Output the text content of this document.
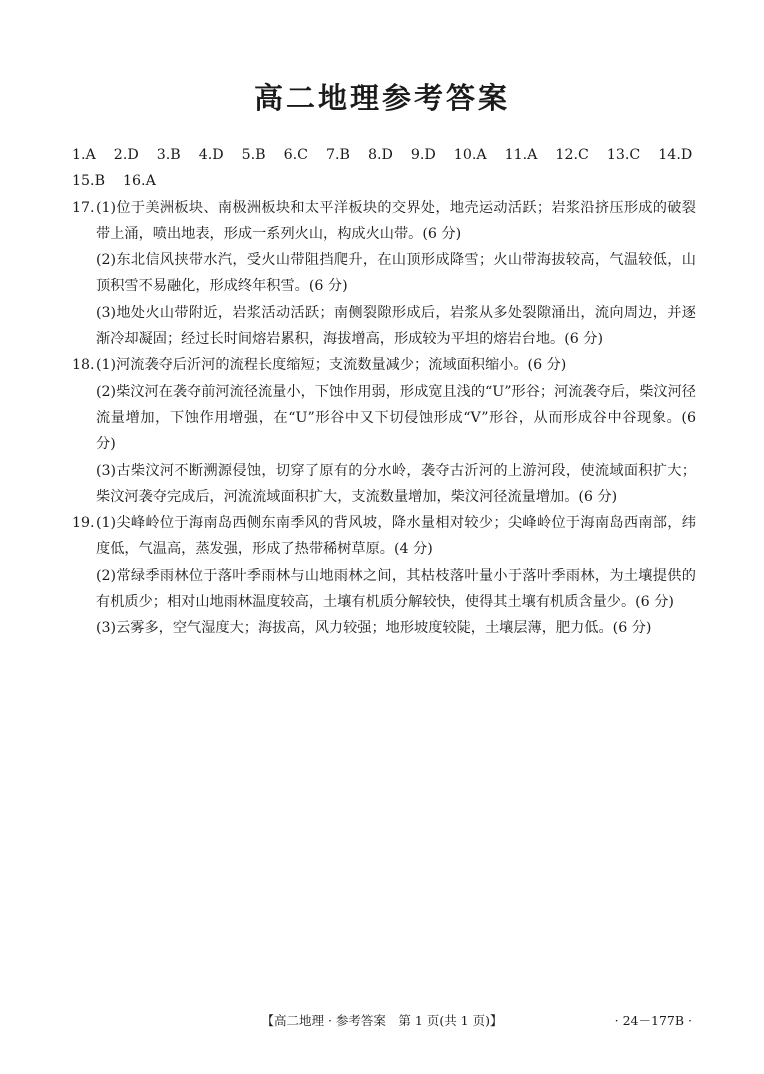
高二地理参考答案
1.A 2.D 3.B 4.D 5.B 6.C 7.B 8.D 9.D 10.A 11.A 12.C 13.C 14.D
15.B 16.A
17. (1)位于美洲板块、南极洲板块和太平洋板块的交界处，地壳运动活跃；岩浆沿挤压形成的破裂带上涌，喷出地表，形成一系列火山，构成火山带。(6 分)
(2)东北信风挟带水汽，受火山带阻挡爬升，在山顶形成降雪；火山带海拔较高，气温较低，山顶积雪不易融化，形成终年积雪。(6 分)
(3)地处火山带附近，岩浆活动活跃；南侧裂隙形成后，岩浆从多处裂隙涌出，流向周边，并逐渐冷却凝固；经过长时间熔岩累积，海拔增高，形成较为平坦的熔岩台地。(6 分)
18. (1)河流袭夺后沂河的流程长度缩短；支流数量减少；流域面积缩小。(6 分)
(2)柴汶河在袭夺前河流径流量小，下蚀作用弱，形成宽且浅的“U”形谷；河流袭夺后，柴汶河径流量增加，下蚀作用增强，在“U”形谷中又下切侵蚀形成“V”形谷，从而形成谷中谷现象。(6 分)
(3)古柴汶河不断溯源侵蚀，切穿了原有的分水岭，袭夺古沂河的上游河段，使流域面积扩大；柴汶河袭夺完成后，河流流域面积扩大，支流数量增加，柴汶河径流量增加。(6 分)
19. (1)尖峰岭位于海南岛西侧东南季风的背风坡，降水量相对较少；尖峰岭位于海南岛西南部，纬度低，气温高，蒸发强，形成了热带稀树草原。(4 分)
(2)常绿季雨林位于落叶季雨林与山地雨林之间，其枯枝落叶量小于落叶季雨林，为土壤提供的有机质少；相对山地雨林温度较高，土壤有机质分解较快，使得其土壤有机质含量少。(6 分)
(3)云雾多，空气湿度大；海拔高，风力较强；地形坡度较陡，土壤层薄，肥力低。(6 分)
【高二地理 · 参考答案　第 1 页(共 1 页)】	· 24－177B ·
